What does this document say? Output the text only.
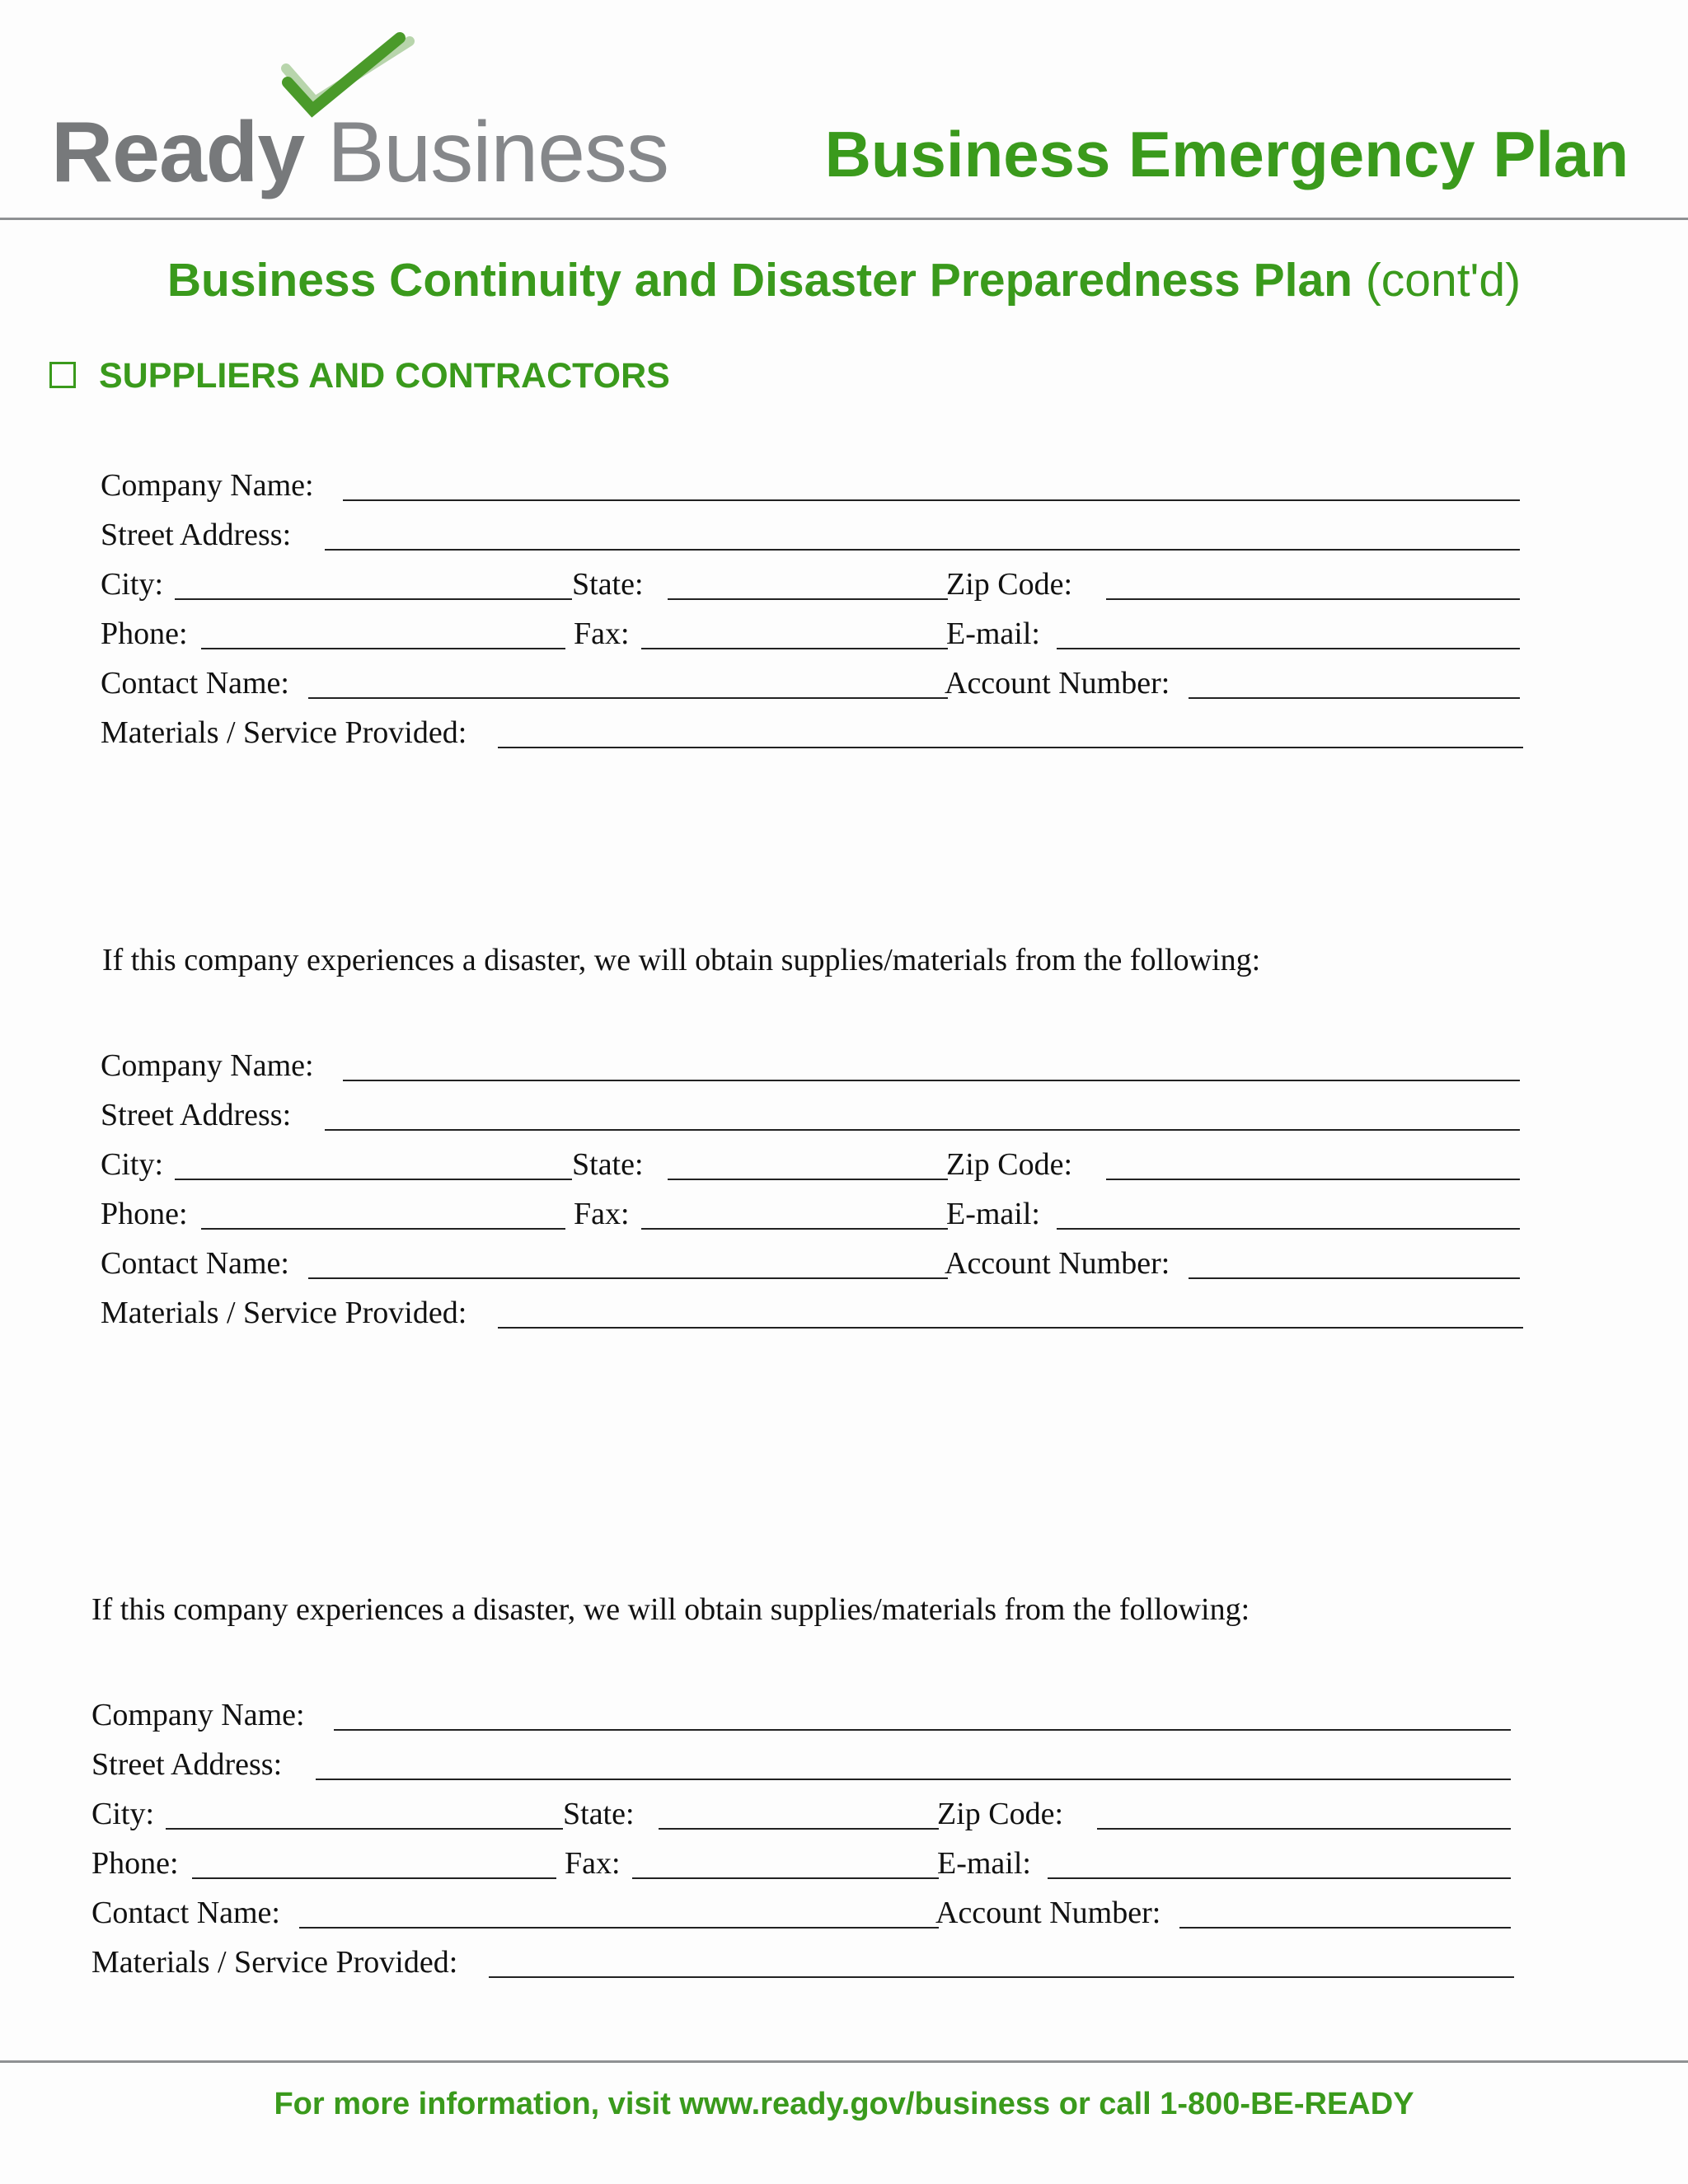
Ready Business Business Emergency Plan
Business Continuity and Disaster Preparedness Plan (cont'd)
SUPPLIERS AND CONTRACTORS
Company Name:
Street Address:
City:	State:	Zip Code:
Phone:	Fax:	E-mail:
Contact Name:	Account Number:
Materials / Service Provided:
If this company experiences a disaster, we will obtain supplies/materials from the following:
Company Name:
Street Address:
City:	State:	Zip Code:
Phone:	Fax:	E-mail:
Contact Name:	Account Number:
Materials / Service Provided:
If this company experiences a disaster, we will obtain supplies/materials from the following:
Company Name:
Street Address:
City:	State:	Zip Code:
Phone:	Fax:	E-mail:
Contact Name:	Account Number:
Materials / Service Provided:
For more information, visit www.ready.gov/business or call 1-800-BE-READY
